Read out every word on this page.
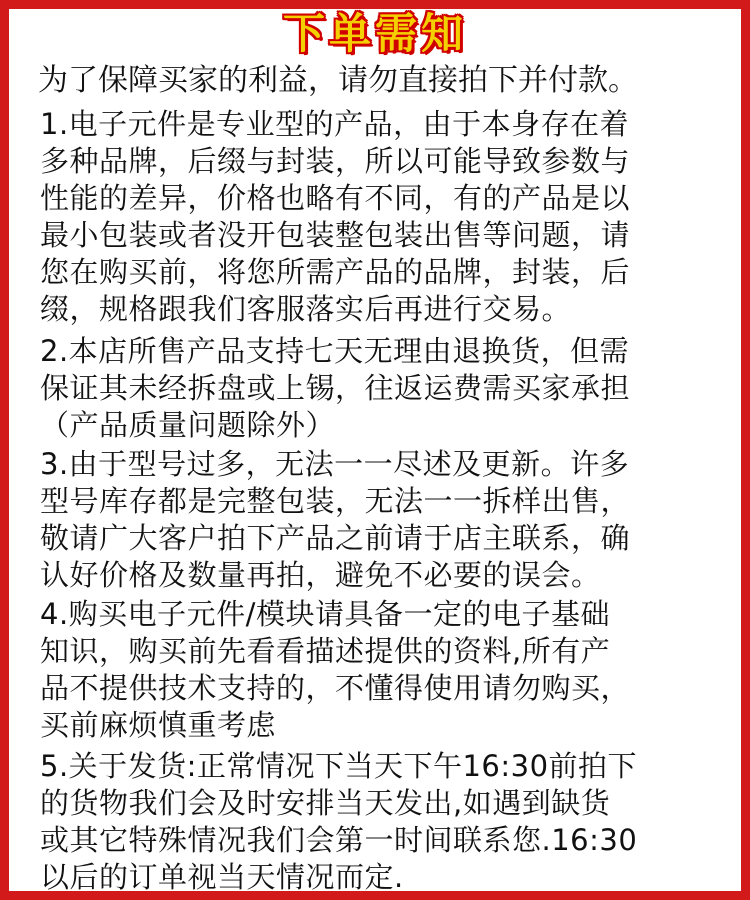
下单需知
为了保障买家的利益，请勿直接拍下并付款。
1.电子元件是专业型的产品，由于本身存在着
多种品牌，后缀与封装，所以可能导致参数与
性能的差异，价格也略有不同，有的产品是以
最小包装或者没开包装整包装出售等问题，请
您在购买前，将您所需产品的品牌，封装，后
缀，规格跟我们客服落实后再进行交易。
2.本店所售产品支持七天无理由退换货，但需
保证其未经拆盘或上锡，往返运费需买家承担
（产品质量问题除外）
3.由于型号过多，无法一一尽述及更新。许多
型号库存都是完整包装，无法一一拆样出售，
敬请广大客户拍下产品之前请于店主联系，确
认好价格及数量再拍，避免不必要的误会。
4.购买电子元件/模块请具备一定的电子基础
知识，购买前先看看描述提供的资料,所有产
品不提供技术支持的，不懂得使用请勿购买，
买前麻烦慎重考虑
5.关于发货:正常情况下当天下午16:30前拍下
的货物我们会及时安排当天发出,如遇到缺货
或其它特殊情况我们会第一时间联系您.16:30
以后的订单视当天情况而定.
